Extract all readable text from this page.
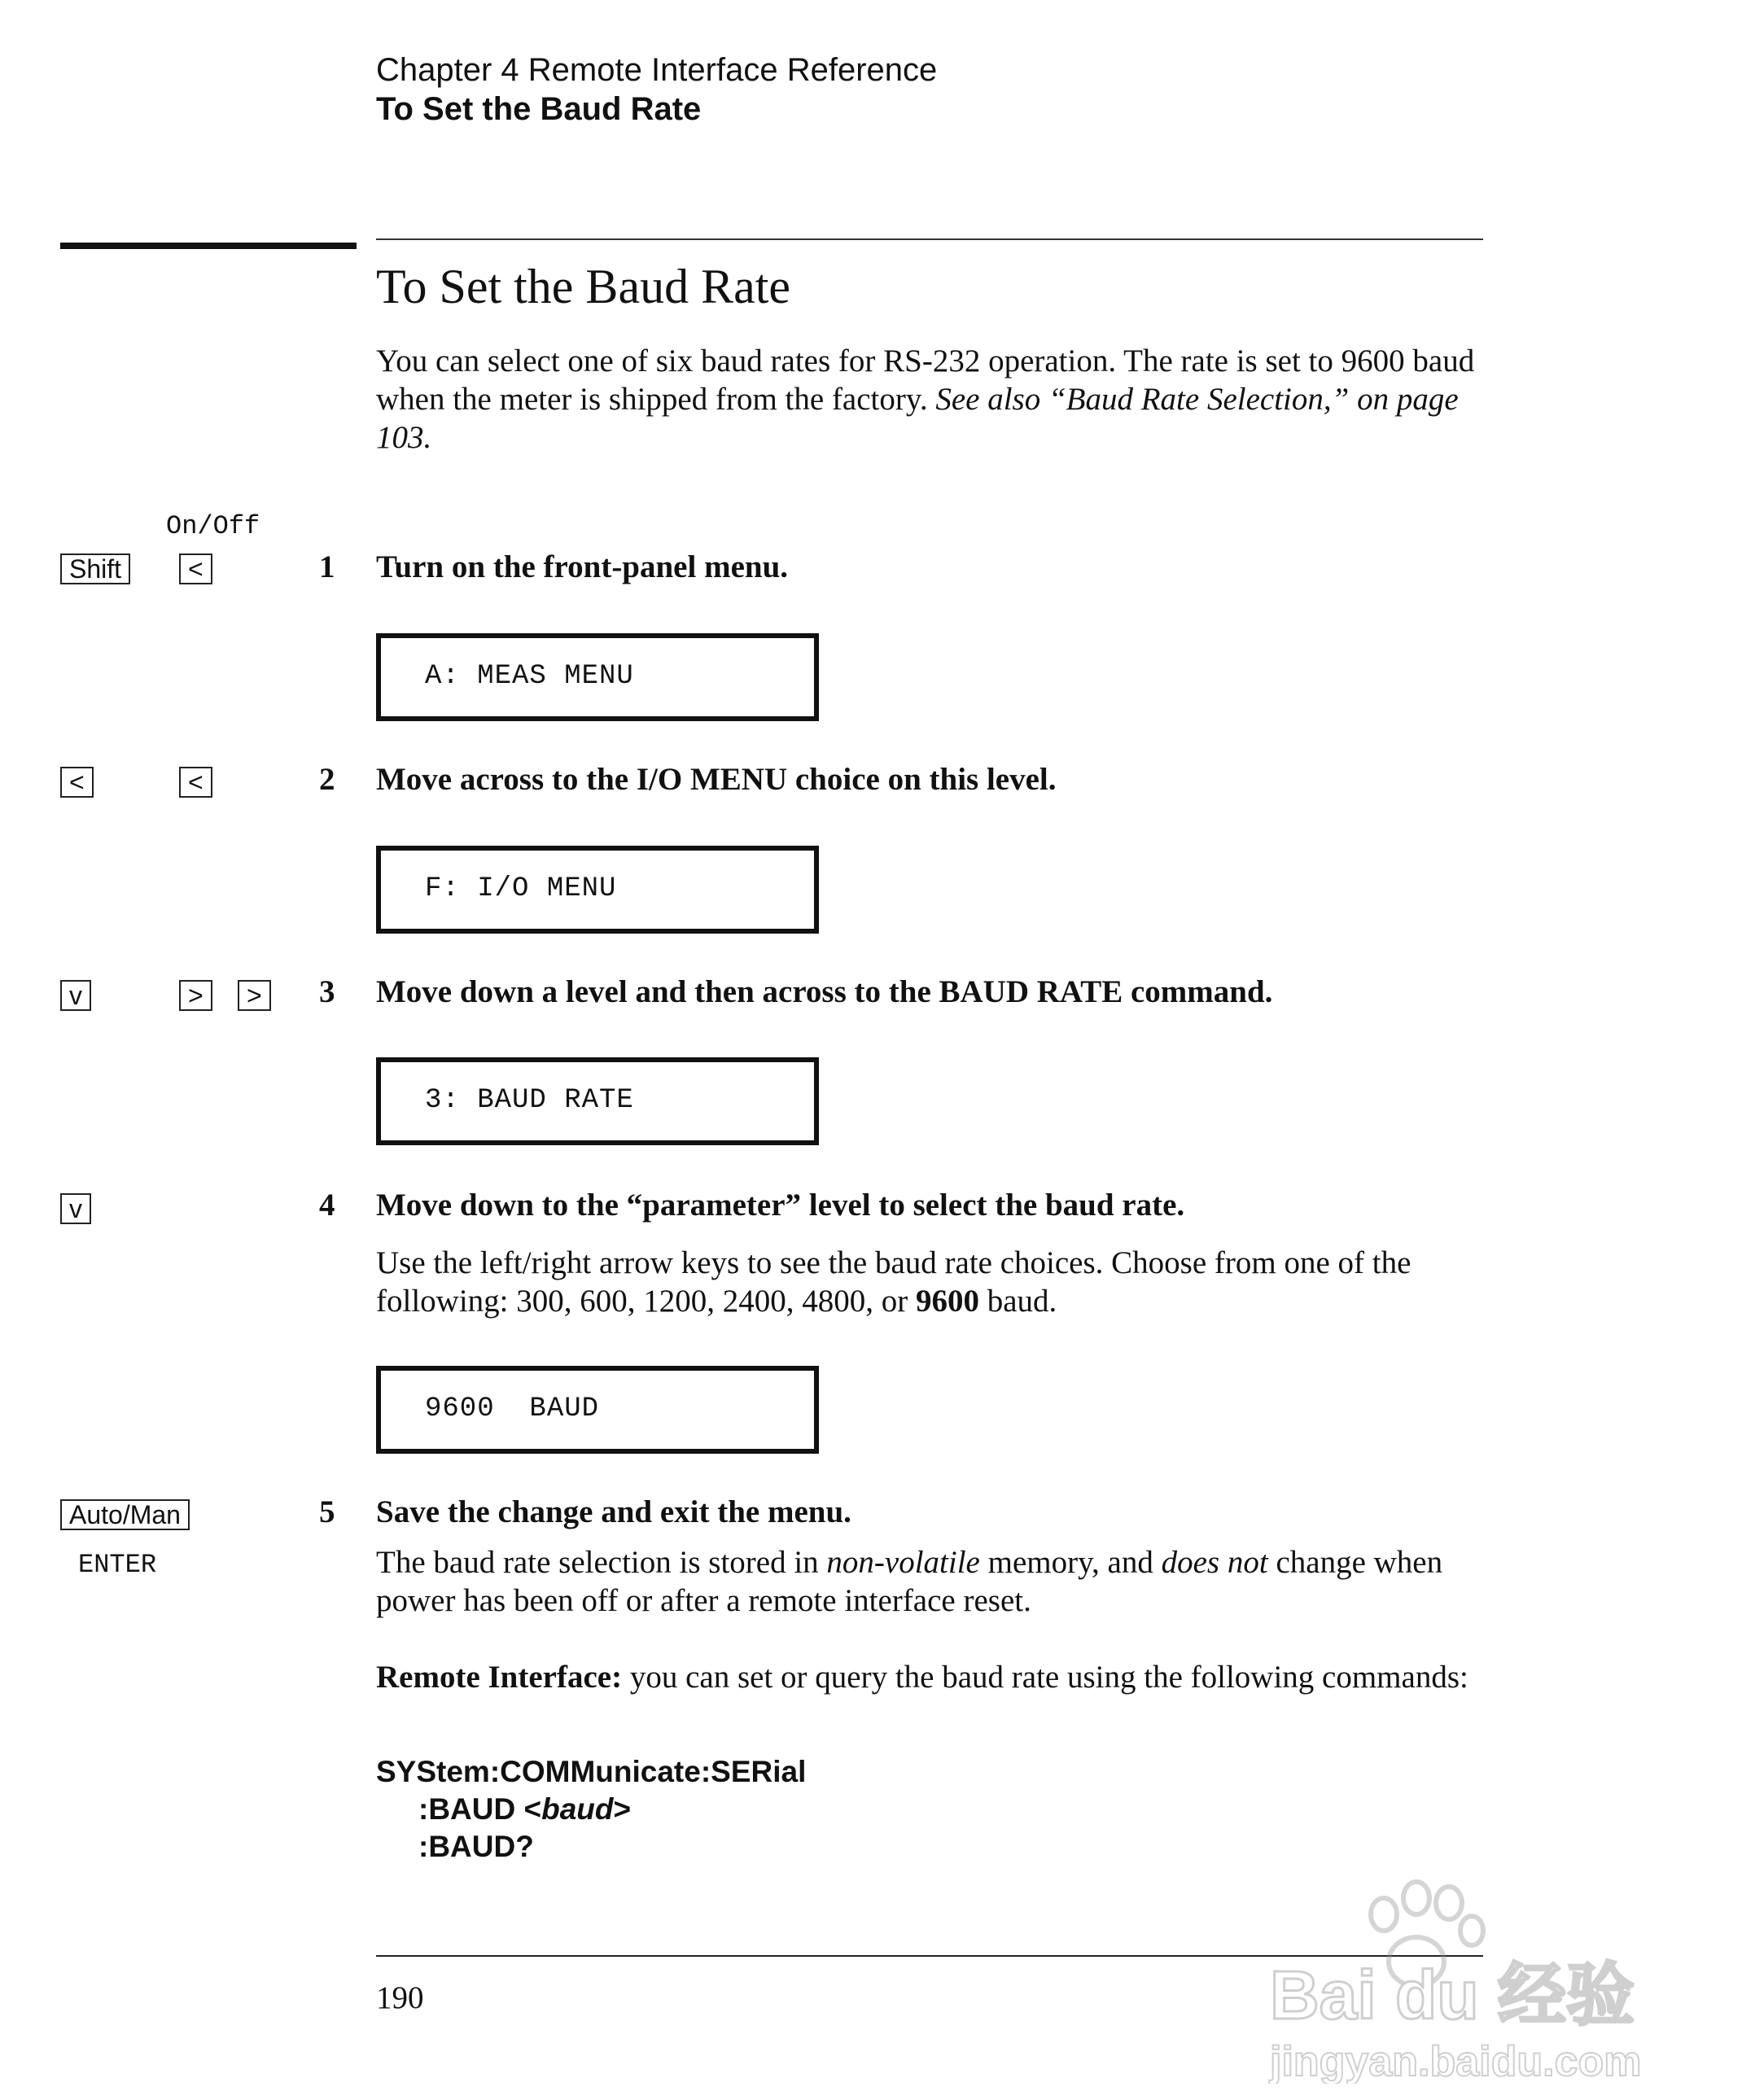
Chapter 4 Remote Interface Reference
To Set the Baud Rate
To Set the Baud Rate
You can select one of six baud rates for RS-232 operation. The rate is set to 9600 baud when the meter is shipped from the factory. See also “Baud Rate Selection,” on page 103.
On/Off
Shift	<	1 Turn on the front-panel menu.
A: MEAS MENU
<	<	2 Move across to the I/O MENU choice on this level.
F: I/O MENU
v	>	> 3 Move down a level and then across to the BAUD RATE command.
3: BAUD RATE
v	4 Move down to the “parameter” level to select the baud rate.
Use the left/right arrow keys to see the baud rate choices. Choose from one of the following: 300, 600, 1200, 2400, 4800, or 9600 baud.
9600  BAUD
Auto/Man
ENTER
5 Save the change and exit the menu.
The baud rate selection is stored in non-volatile memory, and does not change when power has been off or after a remote interface reset.
Remote Interface: you can set or query the baud rate using the following commands:
SYStem:COMMunicate:SERial
:BAUD <baud>
:BAUD?
190	Bai du 经验
jingyan.baidu.com
